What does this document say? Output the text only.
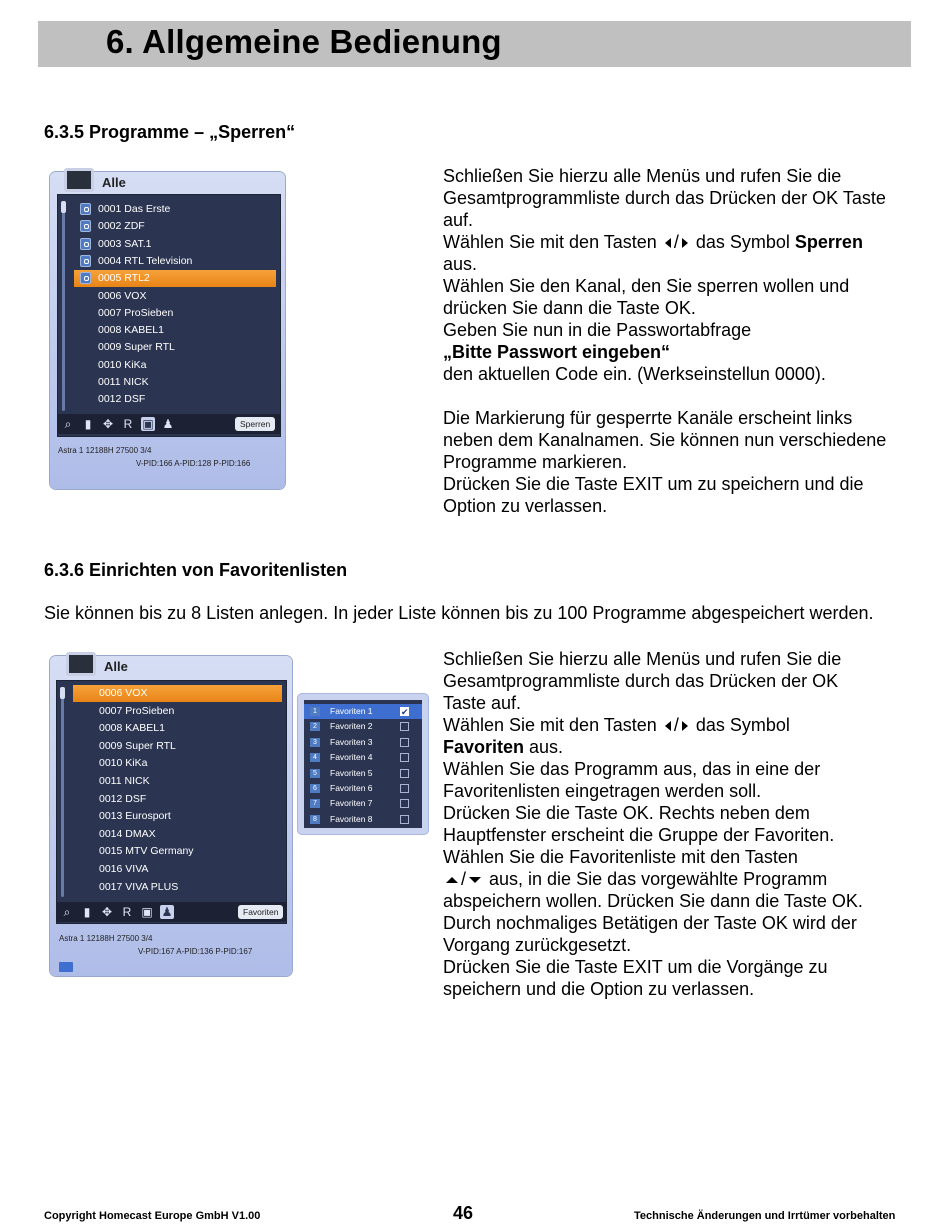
6. Allgemeine Bedienung
6.3.5 Programme – „Sperren“
Alle
0001 Das Erste
0002 ZDF
0003 SAT.1
0004 RTL Television
0005 RTL2
0006 VOX
0007 ProSieben
0008 KABEL1
0009 Super RTL
0010 KiKa
0011 NICK
0012 DSF
⌕	▮ ✥ R ▣ ♟	Sperren
Astra 1 12188H 27500 3/4
V-PID:166 A-PID:128 P-PID:166

Schließen Sie hierzu alle Menüs und rufen Sie die

Gesamtprogrammliste durch das Drücken der OK Taste

auf.

Wählen Sie mit den Tasten / das Symbol Sperren

aus.

Wählen Sie den Kanal, den Sie sperren wollen und

drücken Sie dann die Taste OK.

Geben Sie nun in die Passwortabfrage

„Bitte Passwort eingeben“

den aktuellen Code ein. (Werkseinstellun 0000).

Die Markierung für gesperrte Kanäle erscheint links

neben dem Kanalnamen. Sie können nun verschiedene

Programme markieren.

Drücken Sie die Taste EXIT um zu speichern und die

Option zu verlassen.

6.3.6 Einrichten von Favoritenlisten
Sie können bis zu 8 Listen anlegen. In jeder Liste können bis zu 100 Programme abgespeichert werden.
Alle
0006 VOX
0007 ProSieben
0008 KABEL1
0009 Super RTL
0010 KiKa
0011 NICK
0012 DSF
0013 Eurosport
0014 DMAX
0015 MTV Germany
0016 VIVA
0017 VIVA PLUS
⌕	▮ ✥ R ▣ ♟	Favoriten
Astra 1 12188H 27500 3/4
V-PID:167 A-PID:136 P-PID:167
1	Favoriten 1
✔
2	Favoriten 2
3	Favoriten 3
4	Favoriten 4
5	Favoriten 5
6	Favoriten 6
7	Favoriten 7
8	Favoriten 8

Schließen Sie hierzu alle Menüs und rufen Sie die

Gesamtprogrammliste durch das Drücken der OK

Taste auf.

Wählen Sie mit den Tasten / das Symbol

Favoriten aus.

Wählen Sie das Programm aus, das in eine der

Favoritenlisten eingetragen werden soll.

Drücken Sie die Taste OK. Rechts neben dem

Hauptfenster erscheint die Gruppe der Favoriten.

Wählen Sie die Favoritenliste mit den Tasten

/ aus, in die Sie das vorgewählte Programm

abspeichern wollen. Drücken Sie dann die Taste OK.

Durch nochmaliges Betätigen der Taste OK wird der

Vorgang zurückgesetzt.

Drücken Sie die Taste EXIT um die Vorgänge zu

speichern und die Option zu verlassen.

Copyright Homecast Europe GmbH V1.00	46	Technische Änderungen und Irrtümer vorbehalten
